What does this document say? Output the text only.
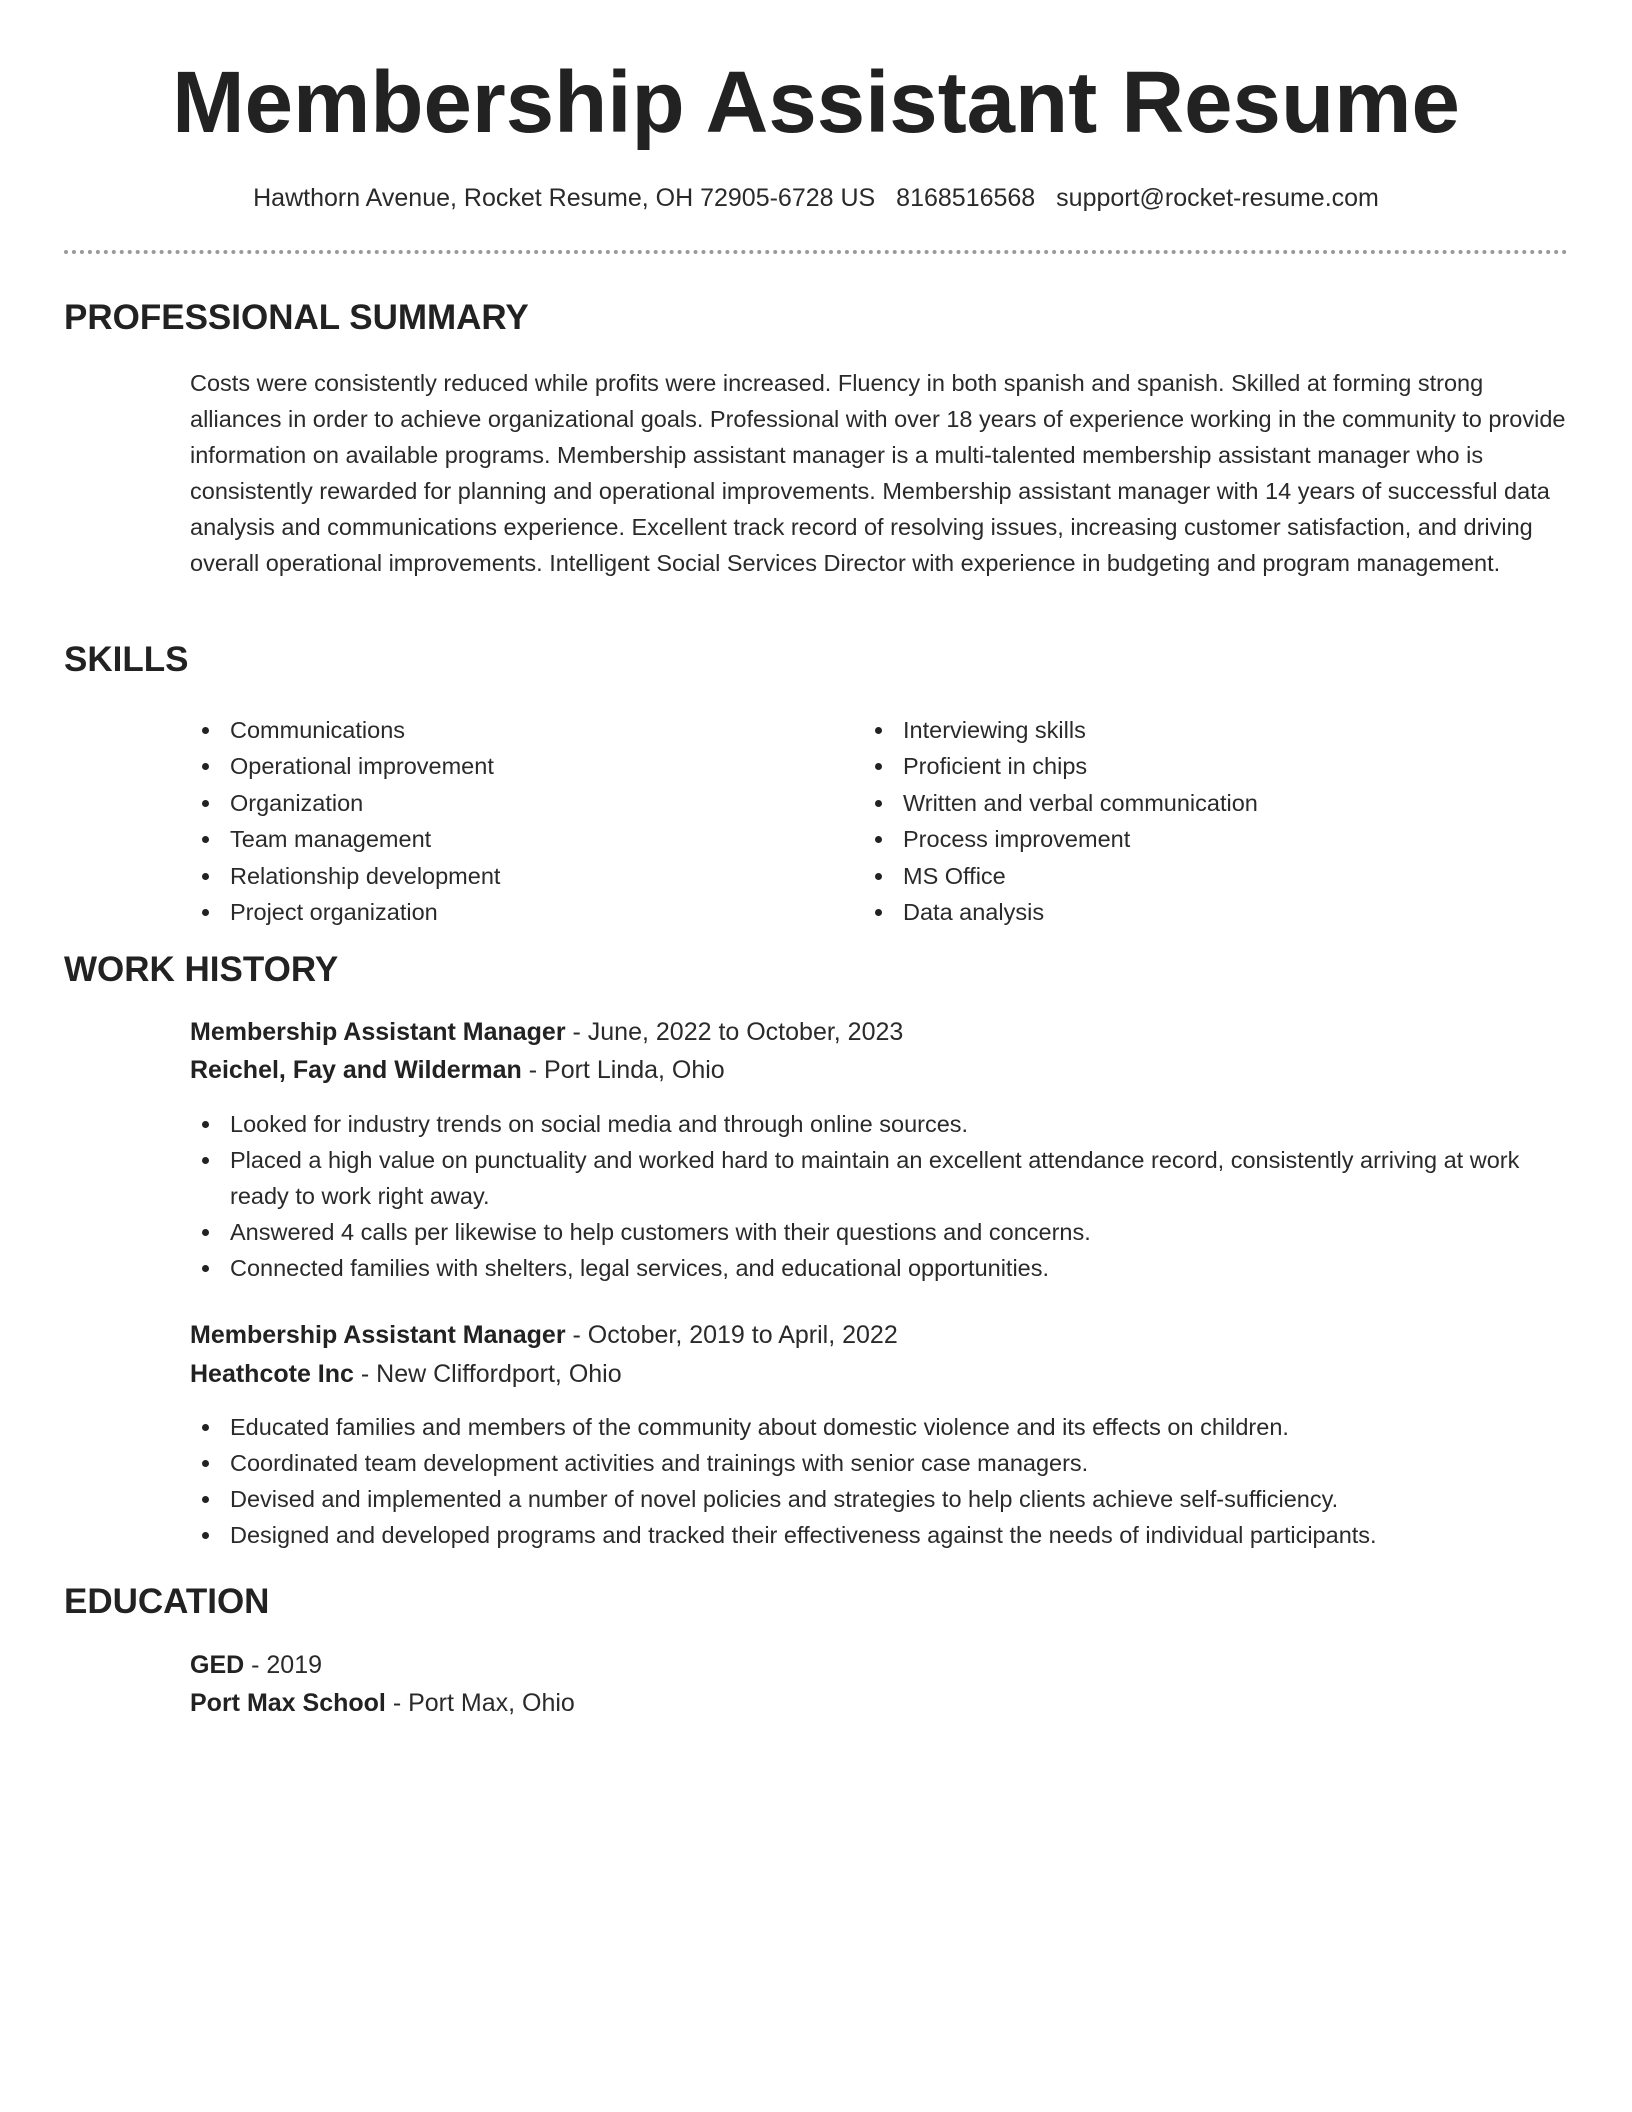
Membership Assistant Resume
Hawthorn Avenue, Rocket Resume, OH 72905-6728 US 8168516568 support@rocket-resume.com
PROFESSIONAL SUMMARY

Costs were consistently reduced while profits were increased. Fluency in both spanish and spanish. Skilled at forming strong alliances in order to achieve organizational goals. Professional with over 18 years of experience working in the community to provide information on available programs. Membership assistant manager is a multi-talented membership assistant manager who is consistently rewarded for planning and operational improvements. Membership assistant manager with 14 years of successful data analysis and communications experience. Excellent track record of resolving issues, increasing customer satisfaction, and driving overall operational improvements. Intelligent Social Services Director with experience in budgeting and program management.

SKILLS
Communications
Operational improvement
Organization
Team management
Relationship development
Project organization
Interviewing skills
Proficient in chips
Written and verbal communication
Process improvement
MS Office
Data analysis
WORK HISTORY
Membership Assistant Manager - June, 2022 to October, 2023
Reichel, Fay and Wilderman - Port Linda, Ohio
Looked for industry trends on social media and through online sources.
Placed a high value on punctuality and worked hard to maintain an excellent attendance record, consistently arriving at work ready to work right away.
Answered 4 calls per likewise to help customers with their questions and concerns.
Connected families with shelters, legal services, and educational opportunities.
Membership Assistant Manager - October, 2019 to April, 2022
Heathcote Inc - New Cliffordport, Ohio
Educated families and members of the community about domestic violence and its effects on children.
Coordinated team development activities and trainings with senior case managers.
Devised and implemented a number of novel policies and strategies to help clients achieve self-sufficiency.
Designed and developed programs and tracked their effectiveness against the needs of individual participants.
EDUCATION
GED - 2019
Port Max School - Port Max, Ohio
